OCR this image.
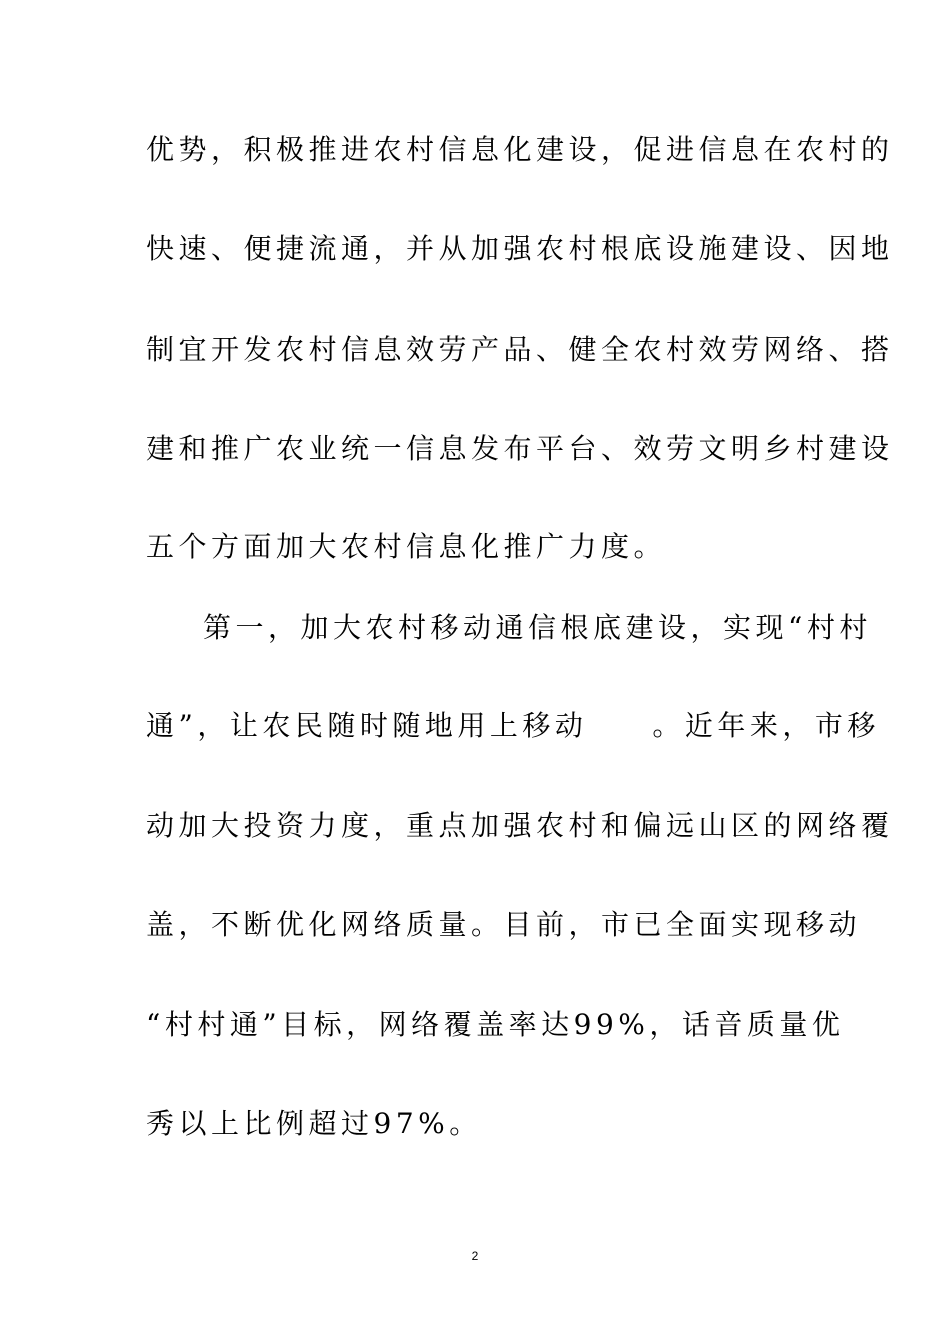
优势，积极推进农村信息化建设，促进信息在农村的
快速、便捷流通，并从加强农村根底设施建设、因地
制宜开发农村信息效劳产品、健全农村效劳网络、搭
建和推广农业统一信息发布平台、效劳文明乡村建设
五个方面加大农村信息化推广力度。
第一，加大农村移动通信根底建设，实现“村村
通”，让农民随时随地用上移动　　。近年来，市移
动加大投资力度，重点加强农村和偏远山区的网络覆
盖，不断优化网络质量。目前，市已全面实现移动
“村村通”目标，网络覆盖率达99%，话音质量优
秀以上比例超过97%。
2
